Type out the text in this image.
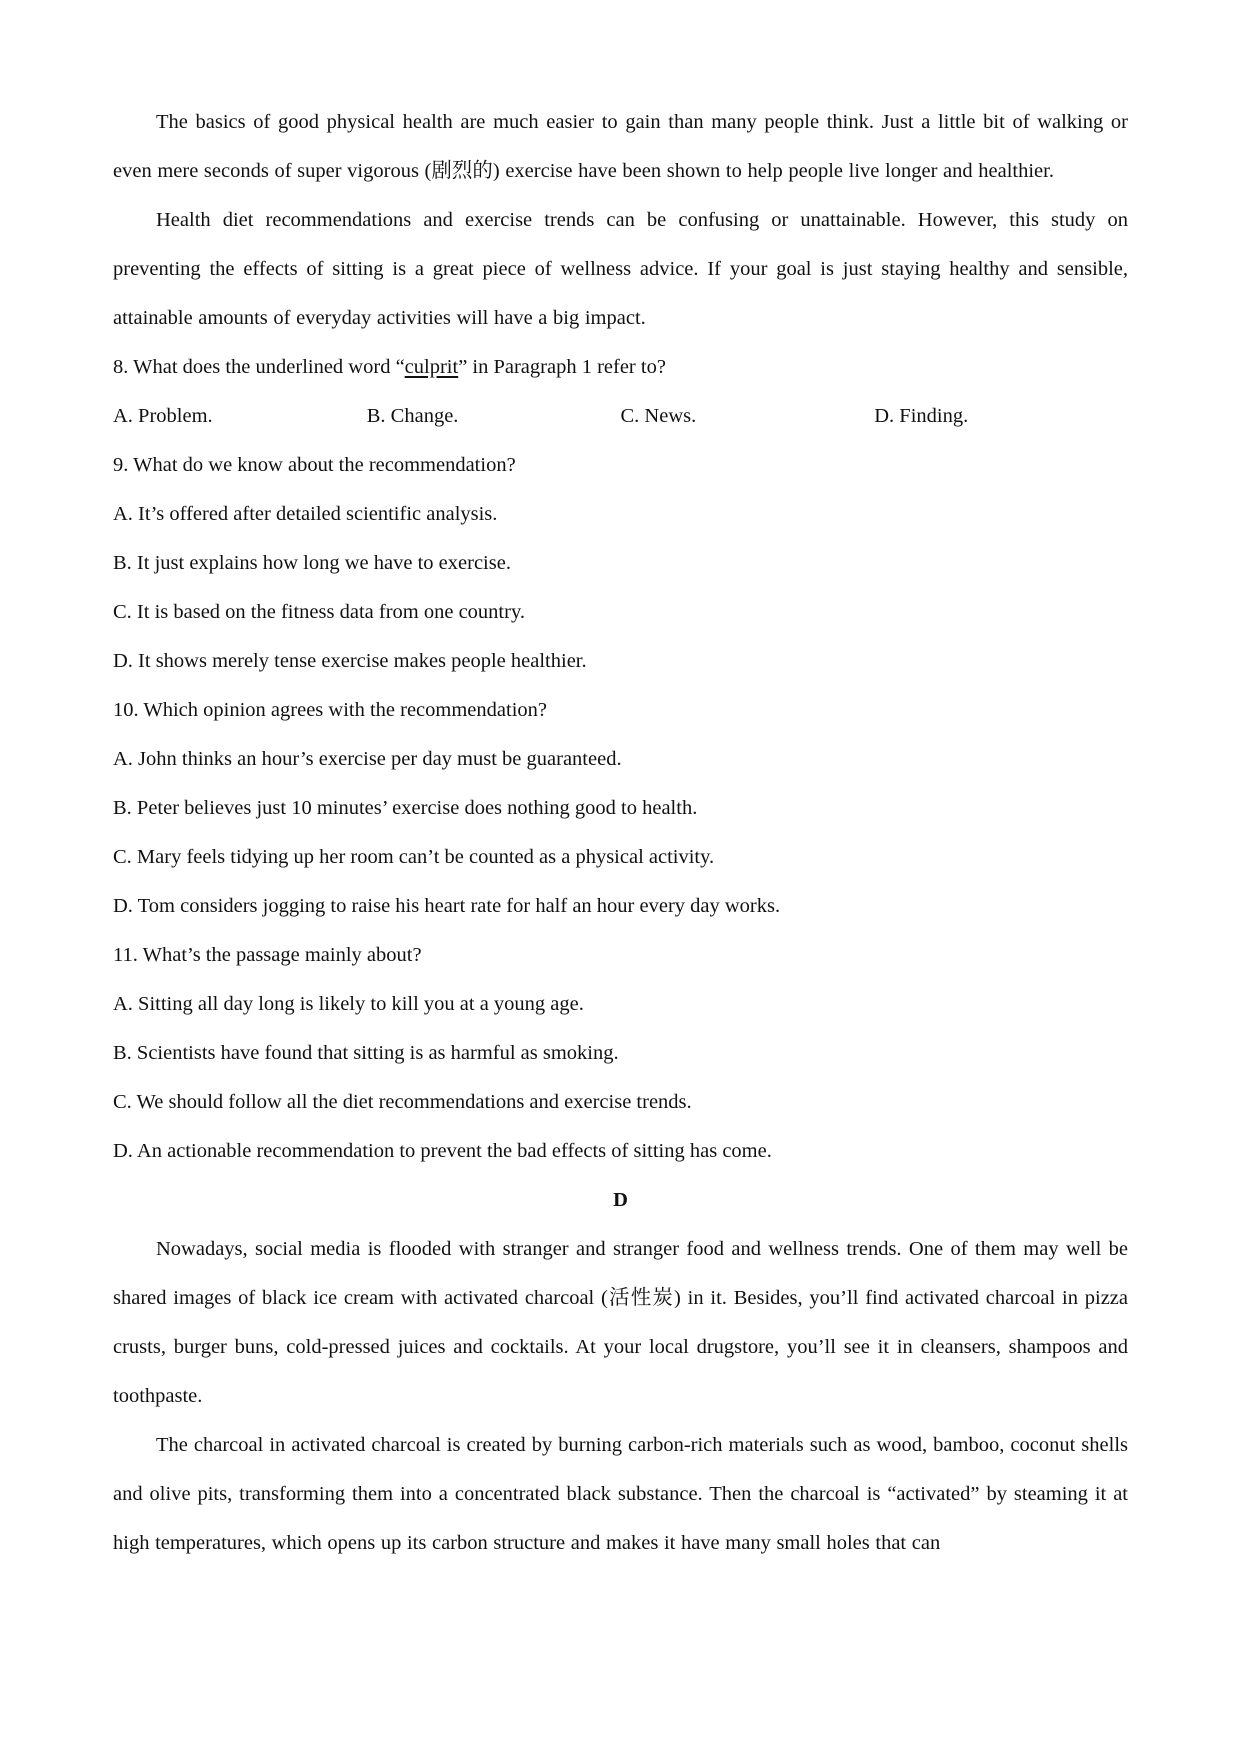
The basics of good physical health are much easier to gain than many people think. Just a little bit of walking or even mere seconds of super vigorous (剧烈的) exercise have been shown to help people live longer and healthier.

Health diet recommendations and exercise trends can be confusing or unattainable. However, this study on preventing the effects of sitting is a great piece of wellness advice. If your goal is just staying healthy and sensible, attainable amounts of everyday activities will have a big impact.

8. What does the underlined word “culprit” in Paragraph 1 refer to?

A. Problem.	B. Change.	C. News.	D. Finding.

9. What do we know about the recommendation?

A. It’s offered after detailed scientific analysis.

B. It just explains how long we have to exercise.

C. It is based on the fitness data from one country.

D. It shows merely tense exercise makes people healthier.

10. Which opinion agrees with the recommendation?

A. John thinks an hour’s exercise per day must be guaranteed.

B. Peter believes just 10 minutes’ exercise does nothing good to health.

C. Mary feels tidying up her room can’t be counted as a physical activity.

D. Tom considers jogging to raise his heart rate for half an hour every day works.

11. What’s the passage mainly about?

A. Sitting all day long is likely to kill you at a young age.

B. Scientists have found that sitting is as harmful as smoking.

C. We should follow all the diet recommendations and exercise trends.

D. An actionable recommendation to prevent the bad effects of sitting has come.

D

Nowadays, social media is flooded with stranger and stranger food and wellness trends. One of them may well be shared images of black ice cream with activated charcoal (活性炭) in it. Besides, you’ll find activated charcoal in pizza crusts, burger buns, cold-pressed juices and cocktails. At your local drugstore, you’ll see it in cleansers, shampoos and toothpaste.

The charcoal in activated charcoal is created by burning carbon-rich materials such as wood, bamboo, coconut shells and olive pits, transforming them into a concentrated black substance. Then the charcoal is “activated” by steaming it at high temperatures, which opens up its carbon structure and makes it have many small holes that can
